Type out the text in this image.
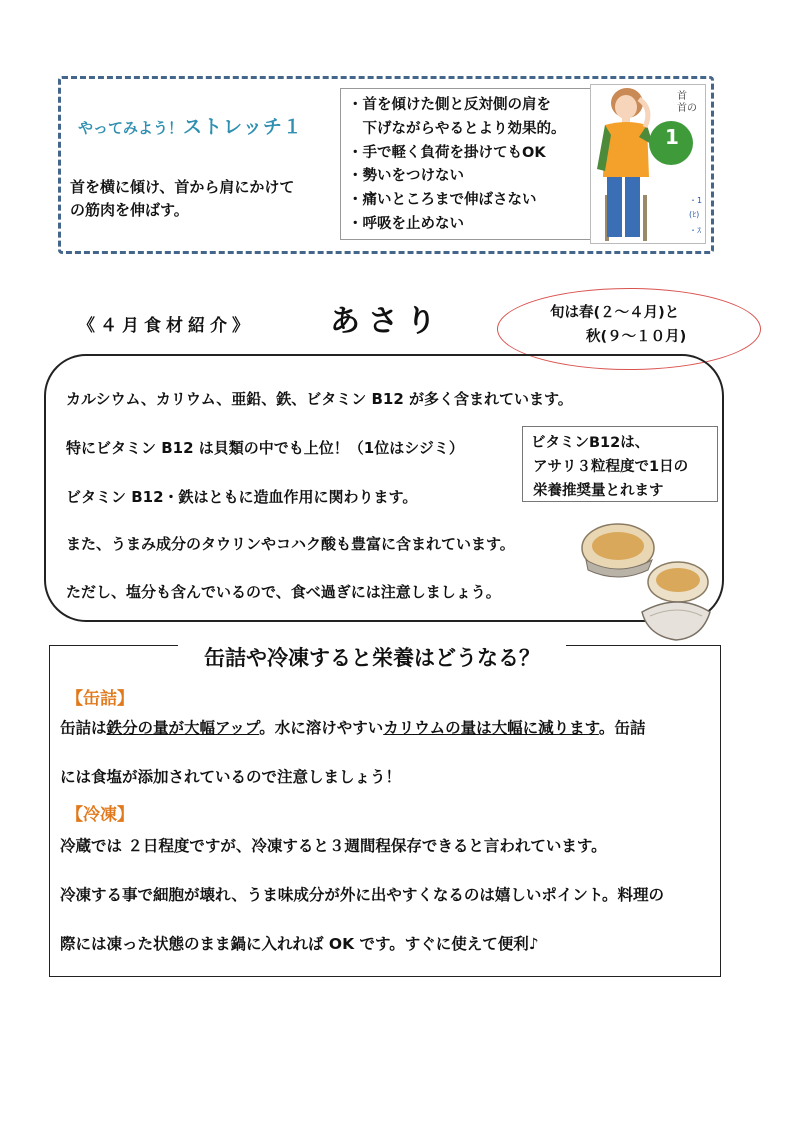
やってみよう！ストレッチ１
首を横に傾け、首から肩にかけて
の筋肉を伸ばす。
・首を傾けた側と反対側の肩を
　下げながらやるとより効果的。
・手で軽く負荷を掛けてもOK
・勢いをつけない
・痛いところまで伸ばさない
・呼吸を止めない
1
首の横
首
首の
・1
(ﾋ)
・ｽ
《４月食材紹介》	あさり	旬は春(２～４月)と
秋(９～１０月)
カルシウム、カリウム、亜鉛、鉄、ビタミン B12 が多く含まれています。
特にビタミン B12 は貝類の中でも上位！（1位はシジミ）
ビタミン B12・鉄はともに造血作用に関わります。
また、うまみ成分のタウリンやコハク酸も豊富に含まれています。
ただし、塩分も含んでいるので、食べ過ぎには注意しましょう。
ビタミンB12は、
アサリ３粒程度で1日の
栄養推奨量とれます
缶詰や冷凍すると栄養はどうなる？
【缶詰】
缶詰は鉄分の量が大幅アップ。水に溶けやすいカリウムの量は大幅に減ります。缶詰
には食塩が添加されているので注意しましょう！
【冷凍】
冷蔵では ２日程度ですが、冷凍すると３週間程保存できると言われています。
冷凍する事で細胞が壊れ、うま味成分が外に出やすくなるのは嬉しいポイント。料理の
際には凍った状態のまま鍋に入れれば OK です。すぐに使えて便利♪
